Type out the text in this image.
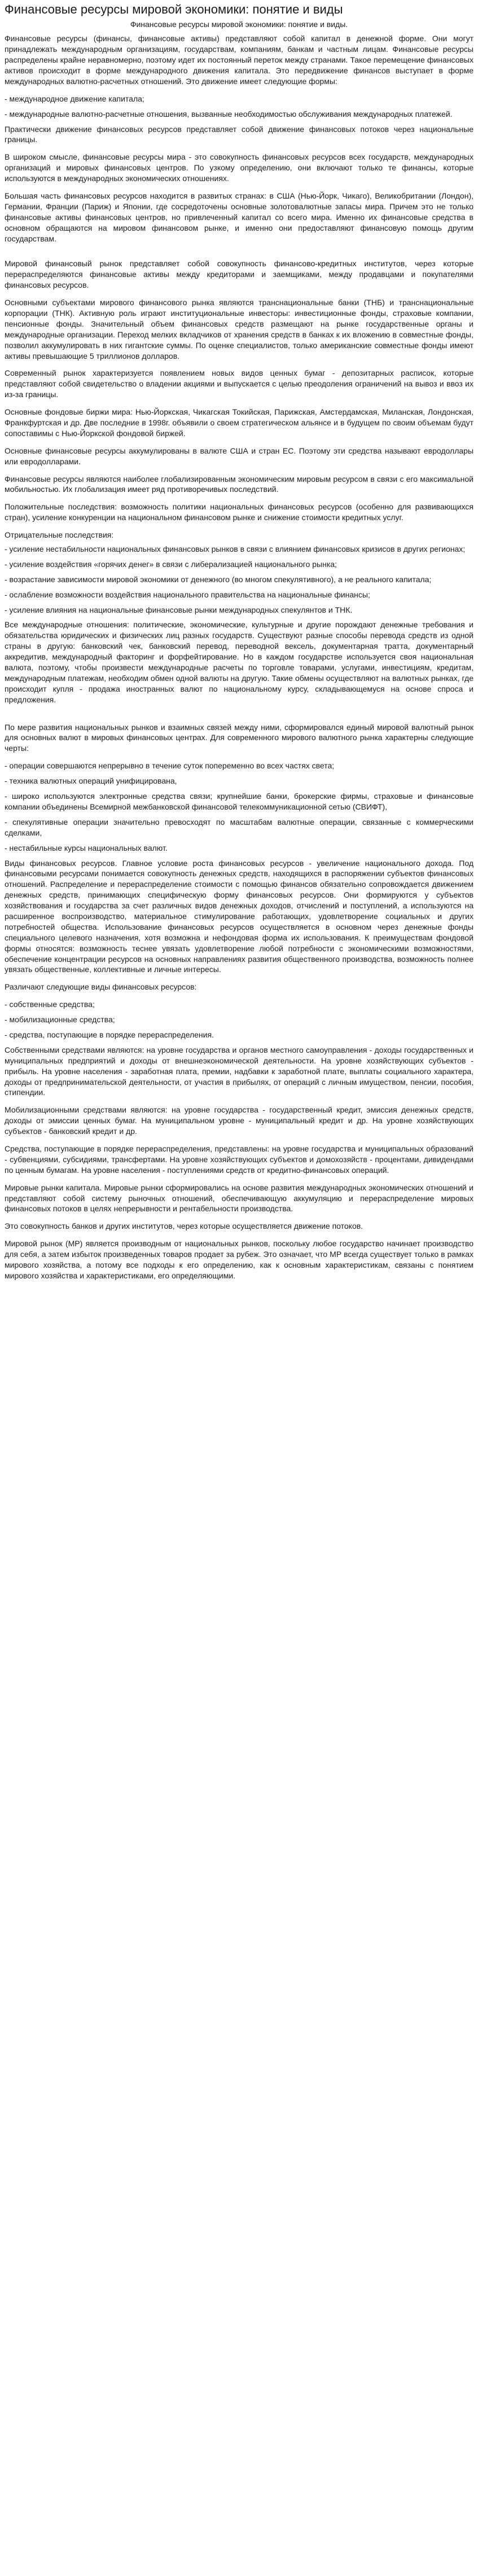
Финансовые ресурсы мировой экономики: понятие и виды
Финансовые ресурсы мировой экономики: понятие и виды.
Финансовые ресурсы (финансы, финансовые активы) представляют собой капитал в денежной форме. Они могут принадлежать международным организациям, государствам, компаниям, банкам и частным лицам. Финансовые ресурсы распределены крайне неравномерно, поэтому идет их постоянный переток между странами. Такое перемещение финансовых активов происходит в форме международного движения капитала. Это передвижение финансов выступает в форме международных валютно-расчетных отношений. Это движение имеет следующие формы:
- международное движение капитала;
- международные валютно-расчетные отношения, вызванные необходимостью обслуживания международных платежей.
Практически движение финансовых ресурсов представляет собой движение финансовых потоков через национальные границы.
В широком смысле, финансовые ресурсы мира - это совокупность финансовых ресурсов всех государств, международных организаций и мировых финансовых центров. По узкому определению, они включают только те финансы, которые используются в международных экономических отношениях.
Большая часть финансовых ресурсов находится в развитых странах: в США (Нью-Йорк, Чикаго), Великобритании (Лондон), Германии, Франции (Париж) и Японии, где сосредоточены основные золотовалютные запасы мира. Причем это не только финансовые активы финансовых центров, но привлеченный капитал со всего мира. Именно их финансовые средства в основном обращаются на мировом финансовом рынке, и именно они предоставляют финансовую помощь другим государствам.
Мировой финансовый рынок представляет собой совокупность финансово-кредитных институтов, через которые перераспределяются финансовые активы между кредиторами и заемщиками, между продавцами и покупателями финансовых ресурсов.
Основными субъектами мирового финансового рынка являются транснациональные банки (ТНБ) и транснациональные корпорации (ТНК). Активную роль играют институциональные инвесторы: инвестиционные фонды, страховые компании, пенсионные фонды. Значительный объем финансовых средств размещают на рынке государственные органы и международные организации. Переход мелких вкладчиков от хранения средств в банках к их вложению в совместные фонды, позволил аккумулировать в них гигантские суммы. По оценке специалистов, только американские совместные фонды имеют активы превышающие 5 триллионов долларов.
Современный рынок характеризуется появлением новых видов ценных бумаг - депозитарных расписок, которые представляют собой свидетельство о владении акциями и выпускается с целью преодоления ограничений на вывоз и ввоз их из-за границы.
Основные фондовые биржи мира: Нью-Йоркская, Чикагская Токийская, Парижская, Амстердамская, Миланская, Лондонская, Франкфуртская и др. Две последние в 1998г. объявили о своем стратегическом альянсе и в будущем по своим объемам будут сопоставимы с Нью-Йоркской фондовой биржей.
Основные финансовые ресурсы аккумулированы в валюте США и стран ЕС. Поэтому эти средства называют евродоллары или евродолларами.
Финансовые ресурсы являются наиболее глобализированным экономическим мировым ресурсом в связи с его максимальной мобильностью. Их глобализация имеет ряд противоречивых последствий.
Положительные последствия: возможность политики национальных финансовых ресурсов (особенно для развивающихся стран), усиление конкуренции на национальном финансовом рынке и снижение стоимости кредитных услуг.
Отрицательные последствия:
- усиление нестабильности национальных финансовых рынков в связи с влиянием финансовых кризисов в других регионах;
- усиление воздействия «горячих денег» в связи с либерализацией национального рынка;
- возрастание зависимости мировой экономики от денежного (во многом спекулятивного), а не реального капитала;
- ослабление возможности воздействия национального правительства на национальные финансы;
- усиление влияния на национальные финансовые рынки международных спекулянтов и ТНК.
Все международные отношения: политические, экономические, культурные и другие порождают денежные требования и обязательства юридических и физических лиц разных государств. Существуют разные способы перевода средств из одной страны в другую: банковский чек, банковский перевод, переводной вексель, документарная тратта, документарный аккредитив, международный факторинг и форфейтирование. Но в каждом государстве используется своя национальная валюта, поэтому, чтобы произвести международные расчеты по торговле товарами, услугами, инвестициям, кредитам, международным платежам, необходим обмен одной валюты на другую. Такие обмены осуществляют на валютных рынках, где происходит купля - продажа иностранных валют по национальному курсу, складывающемуся на основе спроса и предложения.
По мере развития национальных рынков и взаимных связей между ними, сформировался единый мировой валютный рынок для основных валют в мировых финансовых центрах. Для современного мирового валютного рынка характерны следующие черты:
- операции совершаются непрерывно в течение суток попеременно во всех частях света;
- техника валютных операций унифицирована,
- широко используются электронные средства связи; крупнейшие банки, брокерские фирмы, страховые и финансовые компании объединены Всемирной межбанковской финансовой телекоммуникационной сетью (СВИФТ),
- спекулятивные операции значительно превосходят по масштабам валютные операции, связанные с коммерческими сделками,
- нестабильные курсы национальных валют.
Виды финансовых ресурсов. Главное условие роста финансовых ресурсов - увеличение национального дохода. Под финансовыми ресурсами понимается совокупность денежных средств, находящихся в распоряжении субъектов финансовых отношений. Распределение и перераспределение стоимости с помощью финансов обязательно сопровождается движением денежных средств, принимающих специфическую форму финансовых ресурсов. Они формируются у субъектов хозяйствования и государства за счет различных видов денежных доходов, отчислений и поступлений, а используются на расширенное воспроизводство, материальное стимулирование работающих, удовлетворение социальных и других потребностей общества. Использование финансовых ресурсов осуществляется в основном через денежные фонды специального целевого назначения, хотя возможна и нефондовая форма их использования. К преимуществам фондовой формы относятся: возможность теснее увязать удовлетворение любой потребности с экономическими возможностями, обеспечение концентрации ресурсов на основных направлениях развития общественного производства, возможность полнее увязать общественные, коллективные и личные интересы.
Различают следующие виды финансовых ресурсов:
- собственные средства;
- мобилизационные средства;
- средства, поступающие в порядке перераспределения.
Собственными средствами являются: на уровне государства и органов местного самоуправления - доходы государственных и муниципальных предприятий и доходы от внешнеэкономической деятельности. На уровне хозяйствующих субъектов - прибыль. На уровне населения - заработная плата, премии, надбавки к заработной плате, выплаты социального характера, доходы от предпринимательской деятельности, от участия в прибылях, от операций с личным имуществом, пенсии, пособия, стипендии.
Мобилизационными средствами являются: на уровне государства - государственный кредит, эмиссия денежных средств, доходы от эмиссии ценных бумаг. На муниципальном уровне - муниципальный кредит и др. На уровне хозяйствующих субъектов - банковский кредит и др.
Средства, поступающие в порядке перераспределения, представлены: на уровне государства и муниципальных образований - субвенциями, субсидиями, трансфертами. На уровне хозяйствующих субъектов и домохозяйств - процентами, дивидендами по ценным бумагам. На уровне населения - поступлениями средств от кредитно-финансовых операций.
Мировые рынки капитала. Мировые рынки сформировались на основе развития международных экономических отношений и представляют собой систему рыночных отношений, обеспечивающую аккумуляцию и перераспределение мировых финансовых потоков в целях непрерывности и рентабельности производства.
Это совокупность банков и других институтов, через которые осуществляется движение потоков.
Мировой рынок (МР) является производным от национальных рынков, поскольку любое государство начинает производство для себя, а затем избыток произведенных товаров продает за рубеж. Это означает, что МР всегда существует только в рамках мирового хозяйства, а потому все подходы к его определению, как к основным характеристикам, связаны с понятием мирового хозяйства и характеристиками, его определяющими.
